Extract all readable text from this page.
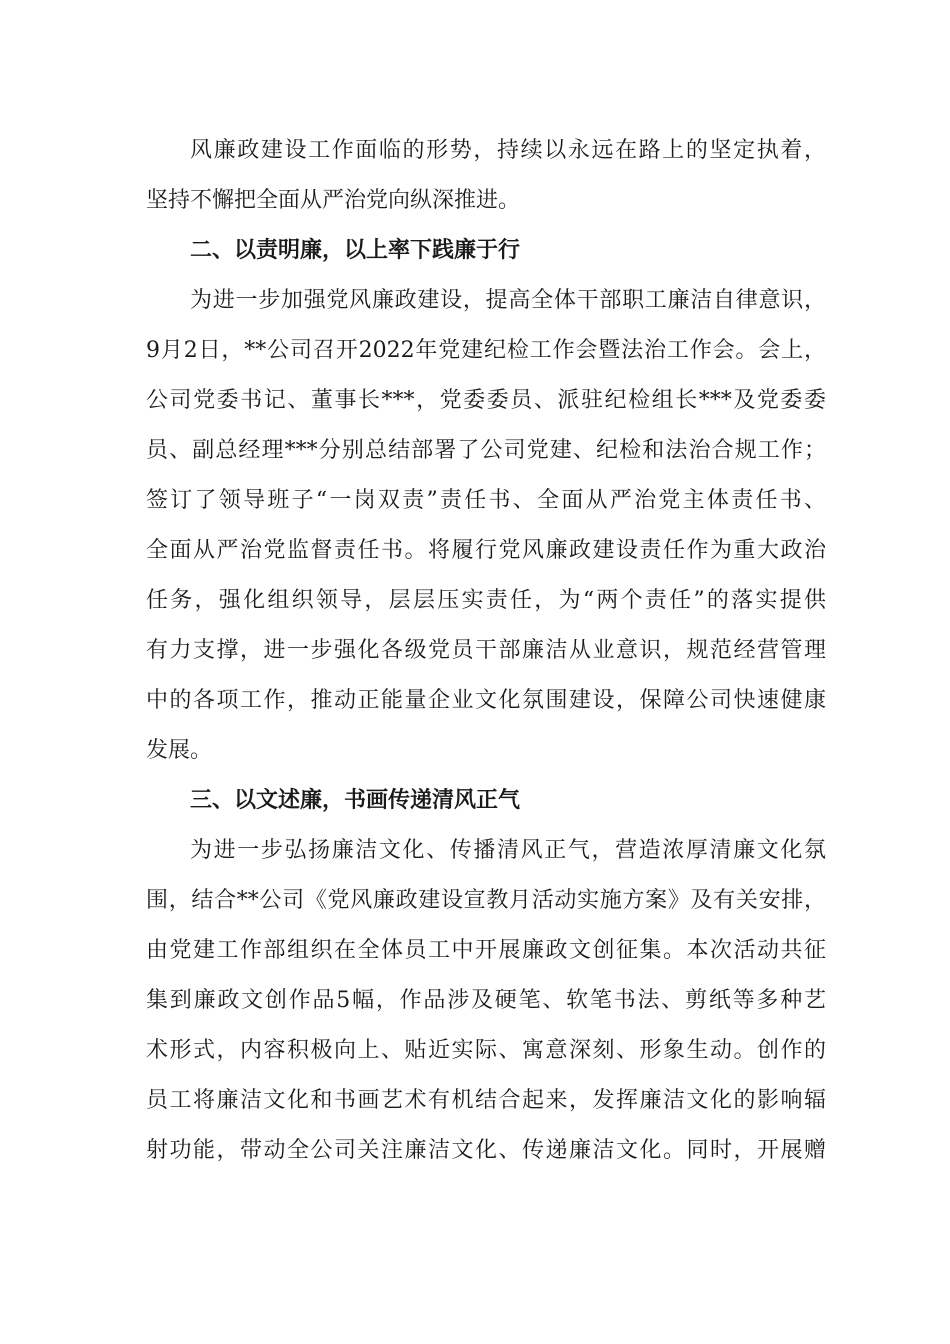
风廉政建设工作面临的形势，持续以永远在路上的坚定执着，
坚持不懈把全面从严治党向纵深推进。
二、以责明廉，以上率下践廉于行
为进一步加强党风廉政建设，提高全体干部职工廉洁自律意识，
9月2日，**公司召开2022年党建纪检工作会暨法治工作会。会上，
公司党委书记、董事长***，党委委员、派驻纪检组长***及党委委
员、副总经理***分别总结部署了公司党建、纪检和法治合规工作；
签订了领导班子“一岗双责”责任书、全面从严治党主体责任书、
全面从严治党监督责任书。将履行党风廉政建设责任作为重大政治
任务，强化组织领导，层层压实责任，为“两个责任”的落实提供
有力支撑，进一步强化各级党员干部廉洁从业意识，规范经营管理
中的各项工作，推动正能量企业文化氛围建设，保障公司快速健康
发展。
三、以文述廉，书画传递清风正气
为进一步弘扬廉洁文化、传播清风正气，营造浓厚清廉文化氛
围，结合**公司《党风廉政建设宣教月活动实施方案》及有关安排，
由党建工作部组织在全体员工中开展廉政文创征集。本次活动共征
集到廉政文创作品5幅，作品涉及硬笔、软笔书法、剪纸等多种艺
术形式，内容积极向上、贴近实际、寓意深刻、形象生动。创作的
员工将廉洁文化和书画艺术有机结合起来，发挥廉洁文化的影响辐
射功能，带动全公司关注廉洁文化、传递廉洁文化。同时，开展赠
